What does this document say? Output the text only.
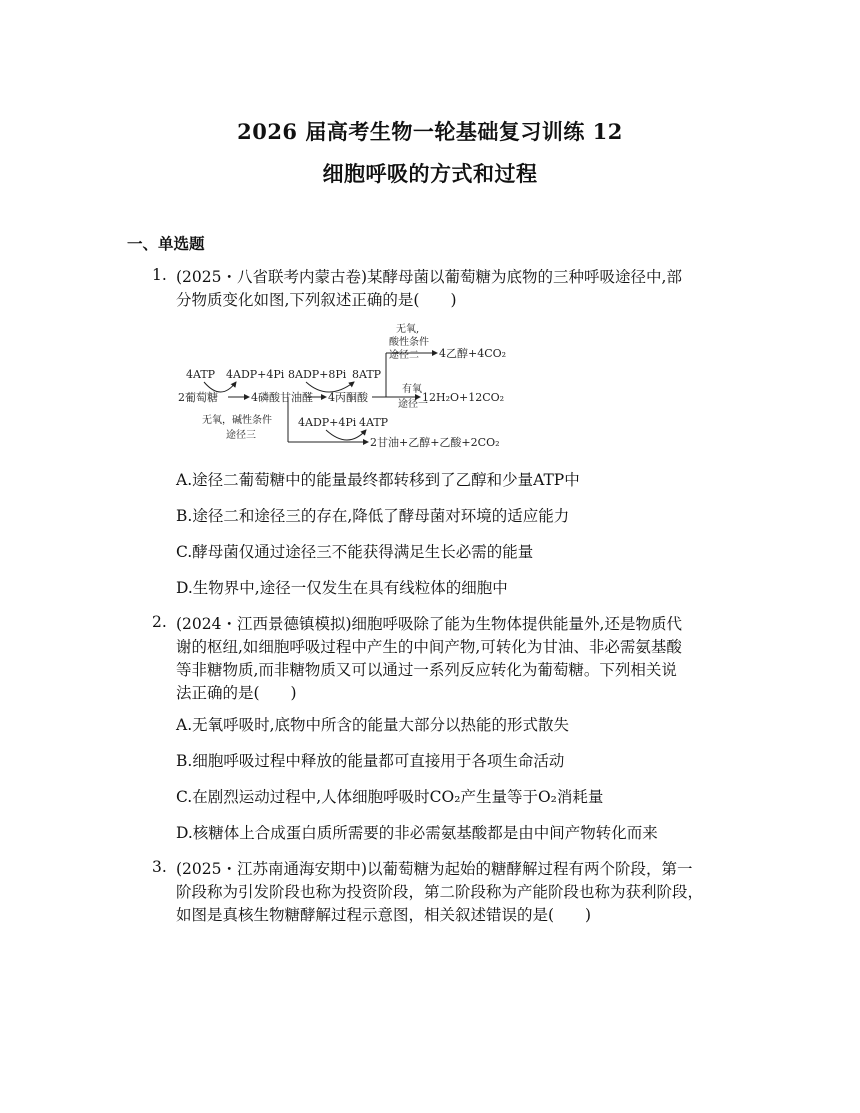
2026 届高考生物一轮基础复习训练 12
细胞呼吸的方式和过程
一、单选题
1. (2025・八省联考内蒙古卷)某酵母菌以葡萄糖为底物的三种呼吸途径中,部
分物质变化如图,下列叙述正确的是(　　)
无氧,
酸性条件
途径二 4乙醇+4CO₂
4ATP 4ADP+4Pi 8ADP+8Pi 8ATP
2葡萄糖	4磷酸甘油醛 4丙酮酸
有氧
途径一
12H₂O+12CO₂
无氧，碱性条件
途径三
4ADP+4Pi 4ATP
2甘油+乙醇+乙酸+2CO₂
A.途径二葡萄糖中的能量最终都转移到了乙醇和少量ATP中
B.途径二和途径三的存在,降低了酵母菌对环境的适应能力
C.酵母菌仅通过途径三不能获得满足生长必需的能量
D.生物界中,途径一仅发生在具有线粒体的细胞中
2. (2024・江西景德镇模拟)细胞呼吸除了能为生物体提供能量外,还是物质代
谢的枢纽,如细胞呼吸过程中产生的中间产物,可转化为甘油、非必需氨基酸
等非糖物质,而非糖物质又可以通过一系列反应转化为葡萄糖。下列相关说
法正确的是(　　)
A.无氧呼吸时,底物中所含的能量大部分以热能的形式散失
B.细胞呼吸过程中释放的能量都可直接用于各项生命活动
C.在剧烈运动过程中,人体细胞呼吸时CO₂产生量等于O₂消耗量
D.核糖体上合成蛋白质所需要的非必需氨基酸都是由中间产物转化而来
3. (2025・江苏南通海安期中)以葡萄糖为起始的糖酵解过程有两个阶段，第一
阶段称为引发阶段也称为投资阶段，第二阶段称为产能阶段也称为获利阶段，
如图是真核生物糖酵解过程示意图，相关叙述错误的是(　　)
